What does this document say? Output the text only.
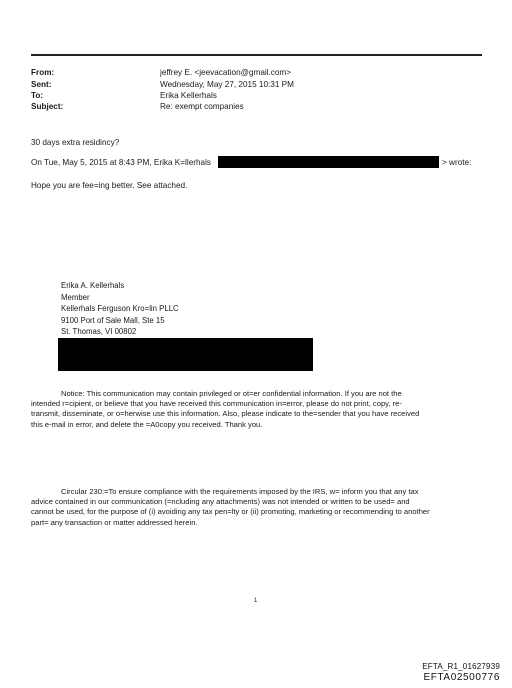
From:	jeffrey E. <jeevacation@gmail.com>
Sent:	Wednesday, May 27, 2015 10:31 PM
To:	Erika Kellerhals
Subject:	Re: exempt companies
30 days extra residincy?
On Tue, May 5, 2015 at 8:43 PM, Erika K=llerhals	> wrote:
Hope you are fee=ing better. See attached.
Erika A. Kellerhals
Member
Kellerhals Ferguson Kro=lin PLLC
9100 Port of Sale Mall, Ste 15
St. Thomas, VI 00802
Notice: This communication may contain privileged or ot=er confidential information. If you are not the
intended r=cipient, or believe that you have received this communication in=error, please do not print, copy, re-
transmit, disseminate, or o=herwise use this information. Also, please indicate to the=sender that you have received
this e-mail in error, and delete the =A0copy you received. Thank you.
Circular 230:=To ensure compliance with the requirements imposed by the IRS, w= inform you that any tax
advice contained in our communication (=ncluding any attachments) was not intended or written to be used= and
cannot be used, for the purpose of (i) avoiding any tax pen=lty or (ii) promoting, marketing or recommending to another
part= any transaction or matter addressed herein.
1
EFTA_R1_01627939
EFTA02500776
